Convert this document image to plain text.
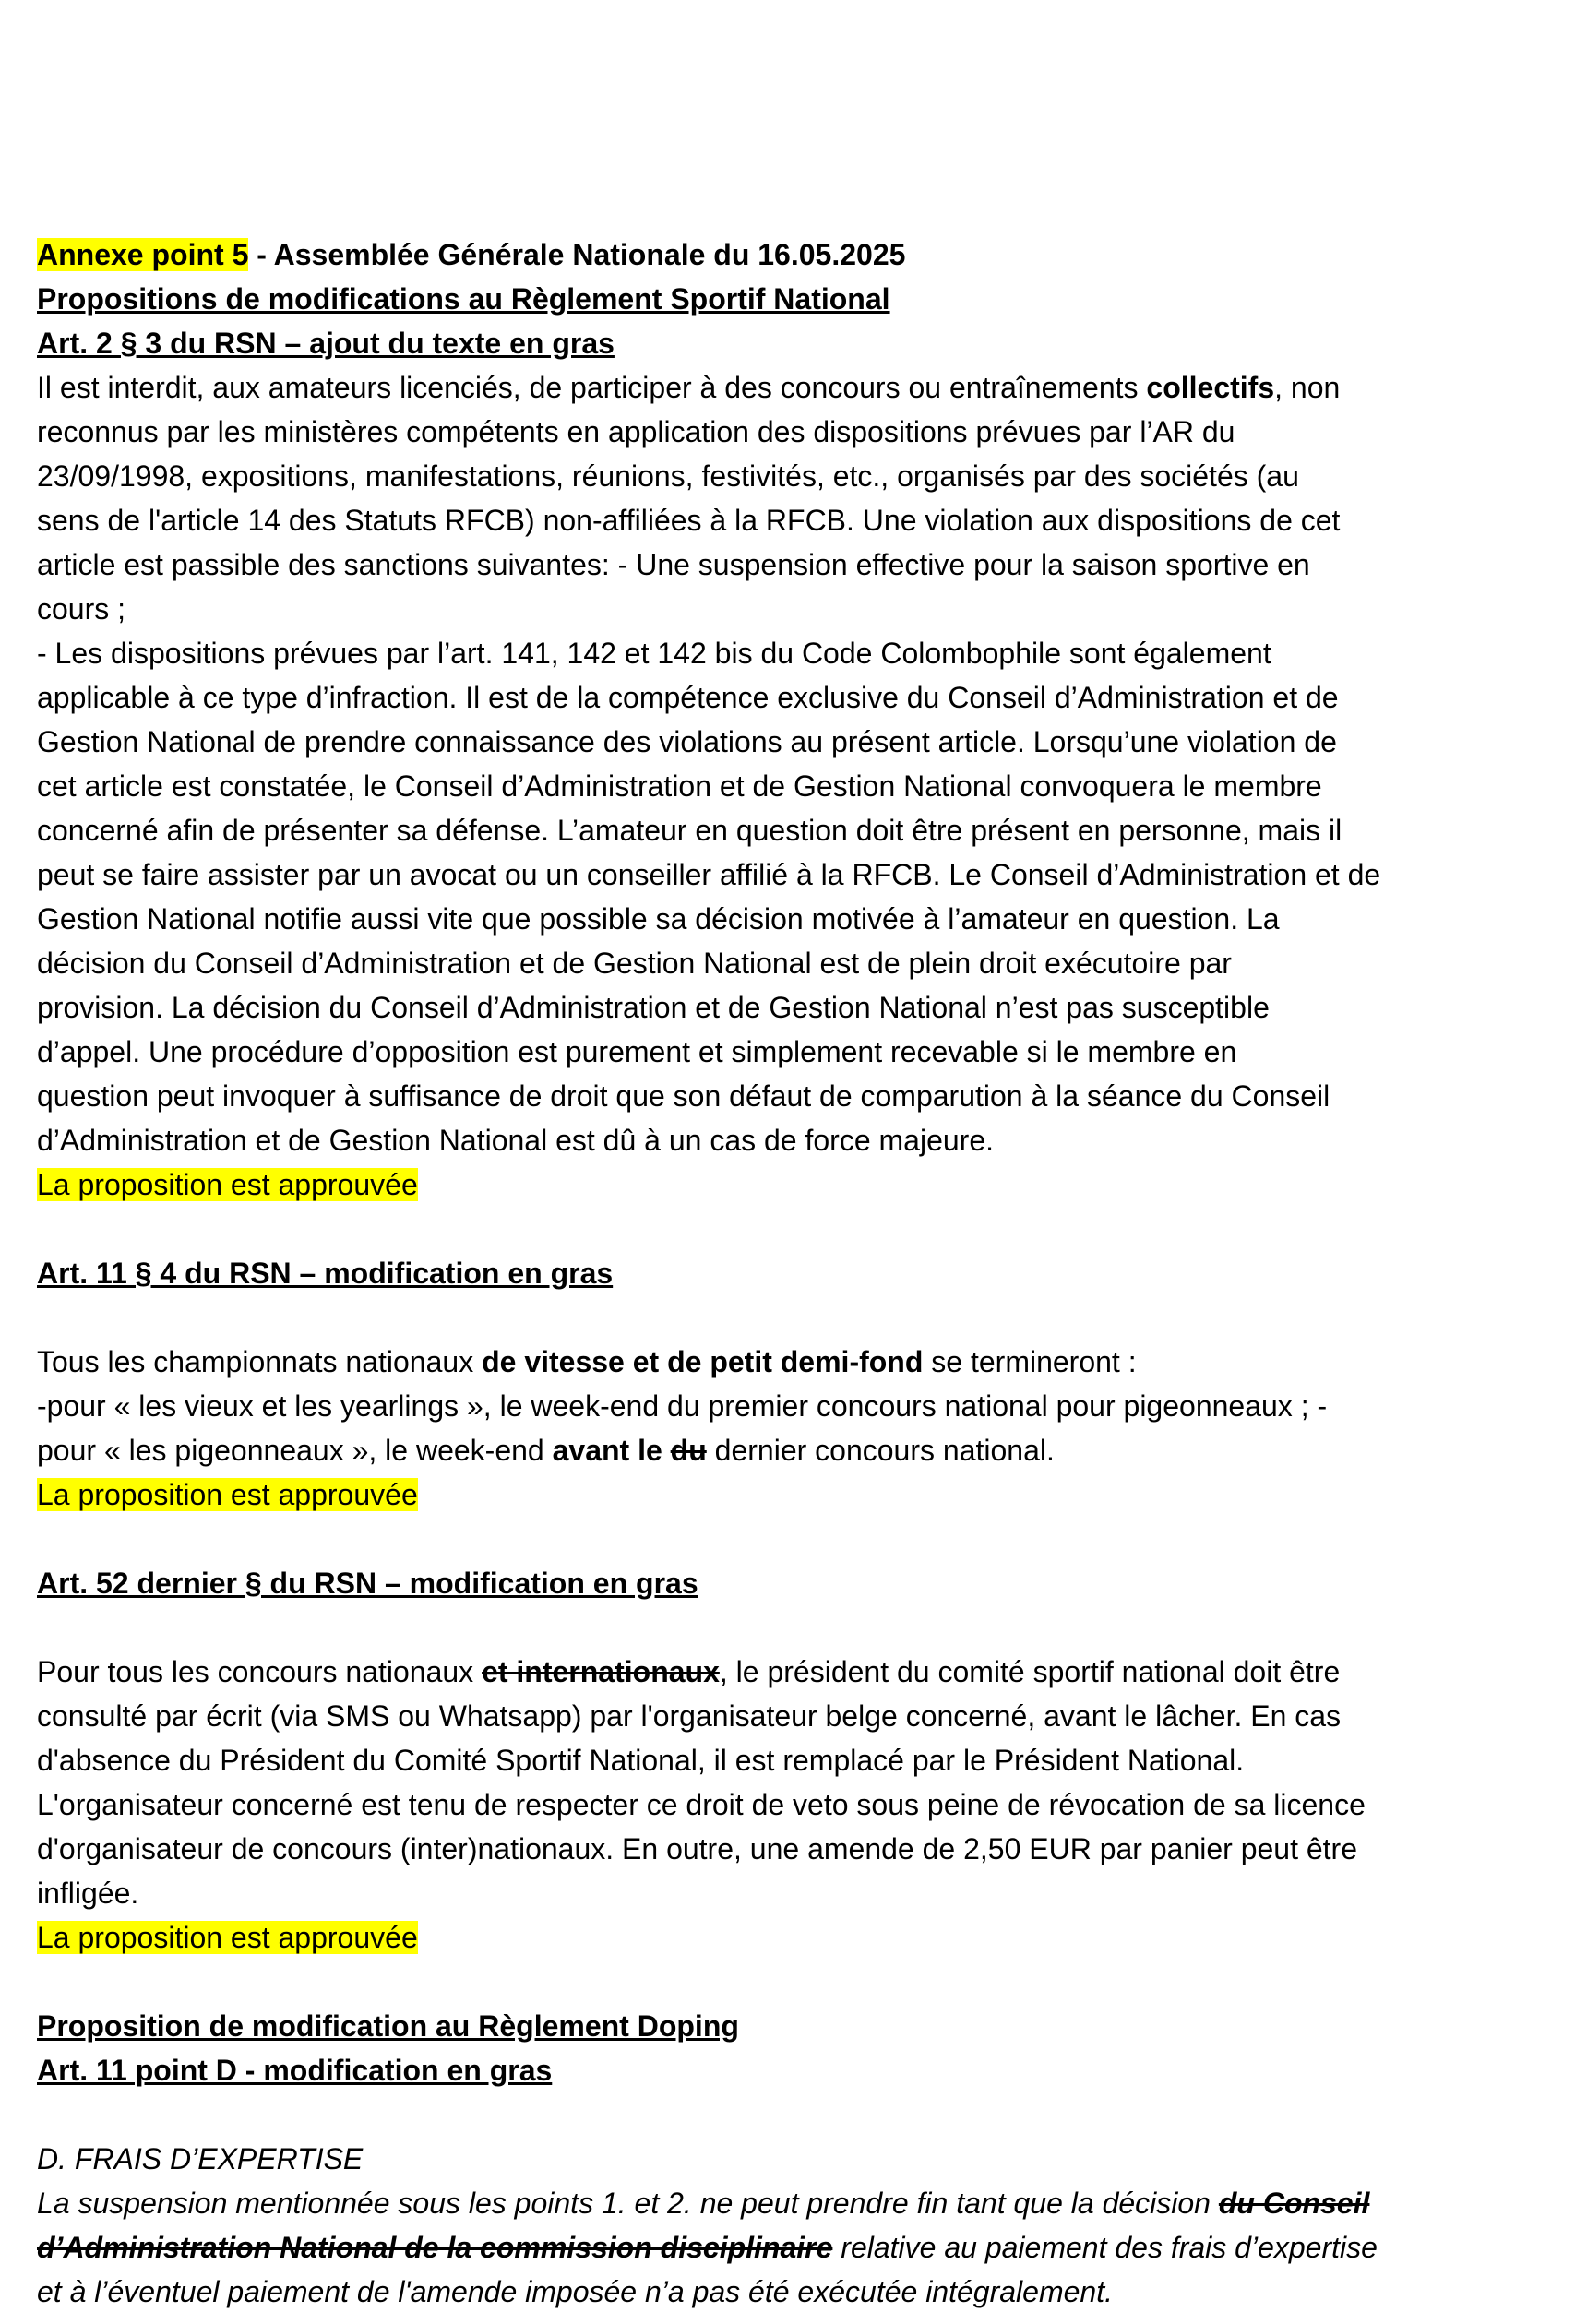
Annexe point 5 - Assemblée Générale Nationale du 16.05.2025
Propositions de modifications au Règlement Sportif National
Art. 2 § 3 du RSN – ajout du texte en gras
Il est interdit, aux amateurs licenciés, de participer à des concours ou entraînements collectifs, non
reconnus par les ministères compétents en application des dispositions prévues par l’AR du
23/09/1998, expositions, manifestations, réunions, festivités, etc., organisés par des sociétés (au
sens de l'article 14 des Statuts RFCB) non-affiliées à la RFCB. Une violation aux dispositions de cet
article est passible des sanctions suivantes: - Une suspension effective pour la saison sportive en
cours ;
- Les dispositions prévues par l’art. 141, 142 et 142 bis du Code Colombophile sont également
applicable à ce type d’infraction. Il est de la compétence exclusive du Conseil d’Administration et de
Gestion National de prendre connaissance des violations au présent article. Lorsqu’une violation de
cet article est constatée, le Conseil d’Administration et de Gestion National convoquera le membre
concerné afin de présenter sa défense. L’amateur en question doit être présent en personne, mais il
peut se faire assister par un avocat ou un conseiller affilié à la RFCB. Le Conseil d’Administration et de
Gestion National notifie aussi vite que possible sa décision motivée à l’amateur en question. La
décision du Conseil d’Administration et de Gestion National est de plein droit exécutoire par
provision. La décision du Conseil d’Administration et de Gestion National n’est pas susceptible
d’appel. Une procédure d’opposition est purement et simplement recevable si le membre en
question peut invoquer à suffisance de droit que son défaut de comparution à la séance du Conseil
d’Administration et de Gestion National est dû à un cas de force majeure.
La proposition est approuvée
Art. 11 § 4 du RSN – modification en gras
Tous les championnats nationaux de vitesse et de petit demi-fond se termineront :
-pour « les vieux et les yearlings », le week-end du premier concours national pour pigeonneaux ; -
pour « les pigeonneaux », le week-end avant le du dernier concours national.
La proposition est approuvée
Art. 52 dernier § du RSN – modification en gras
Pour tous les concours nationaux et internationaux, le président du comité sportif national doit être
consulté par écrit (via SMS ou Whatsapp) par l'organisateur belge concerné, avant le lâcher. En cas
d'absence du Président du Comité Sportif National, il est remplacé par le Président National.
L'organisateur concerné est tenu de respecter ce droit de veto sous peine de révocation de sa licence
d'organisateur de concours (inter)nationaux. En outre, une amende de 2,50 EUR par panier peut être
infligée.
La proposition est approuvée
Proposition de modification au Règlement Doping
Art. 11 point D - modification en gras
D. FRAIS D’EXPERTISE
La suspension mentionnée sous les points 1. et 2. ne peut prendre fin tant que la décision du Conseil
d’Administration National de la commission disciplinaire relative au paiement des frais d’expertise
et à l’éventuel paiement de l'amende imposée n’a pas été exécutée intégralement.
